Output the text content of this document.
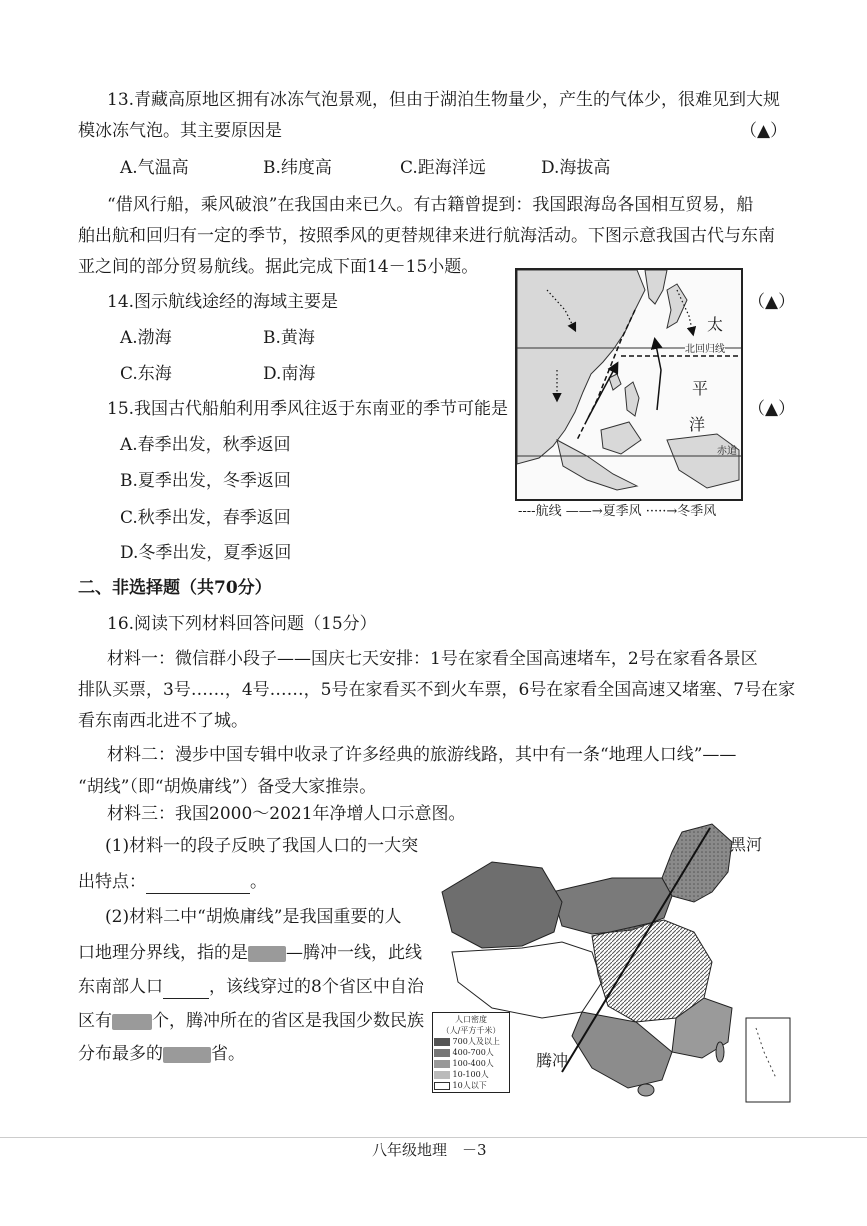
13.青藏高原地区拥有冰冻气泡景观，但由于湖泊生物量少，产生的气体少，很难见到大规
模冰冻气泡。其主要原因是	（▲）
A.气温高	B.纬度高	C.距海洋远	D.海拔高
“借风行船，乘风破浪”在我国由来已久。有古籍曾提到：我国跟海岛各国相互贸易，船
舶出航和回归有一定的季节，按照季风的更替规律来进行航海活动。下图示意我国古代与东南
亚之间的部分贸易航线。据此完成下面14－15小题。
14.图示航线途经的海域主要是	（▲）
A.渤海	B.黄海
C.东海	D.南海
15.我国古代船舶利用季风往返于东南亚的季节可能是	（▲）
A.春季出发，秋季返回
B.夏季出发，冬季返回
C.秋季出发，春季返回
D.冬季出发，夏季返回
太
北回归线
平
洋
赤道
----航线 ——→夏季风 ·····→冬季风
二、非选择题（共70分）
16.阅读下列材料回答问题（15分）
材料一：微信群小段子——国庆七天安排：1号在家看全国高速堵车，2号在家看各景区
排队买票，3号……，4号……，5号在家看买不到火车票，6号在家看全国高速又堵塞、7号在家
看东南西北进不了城。
材料二：漫步中国专辑中收录了许多经典的旅游线路，其中有一条“地理人口线”——
“胡线”（即“胡焕庸线”）备受大家推崇。
材料三：我国2000～2021年净增人口示意图。
(1)材料一的段子反映了我国人口的一大突
出特点：	。
(2)材料二中“胡焕庸线”是我国重要的人
口地理分界线，指的是 —腾冲一线，此线
东南部人口	，该线穿过的8个省区中自治
区有 个，腾冲所在的省区是我国少数民族
分布最多的	省。
黑河
腾冲
人口密度
（人/平方千米）
700人及以上
400-700人
100-400人
10-100人
10人以下
八年级地理　－3
